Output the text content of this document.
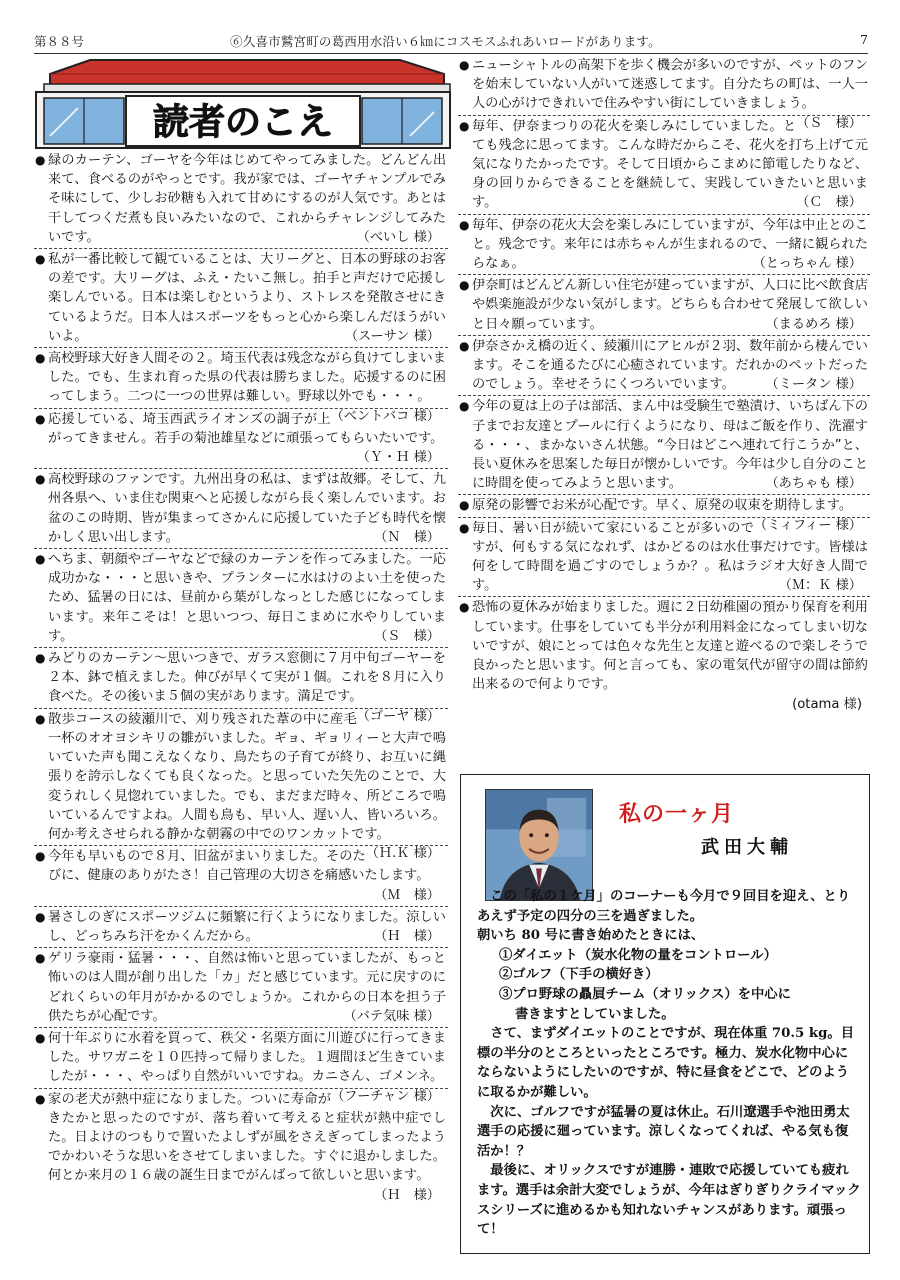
第８８号	⑥久喜市鷲宮町の葛西用水沿い６㎞にコスモスふれあいロードがあります。	7
読者のこえ
● 緑のカーテン、ゴーヤを今年はじめてやってみました。どんどん出来て、食べるのがやっとです。我が家では、ゴーヤチャンプルでみそ味にして、少しお砂糖も入れて甘めにするのが人気です。あとは干してつくだ煮も良いみたいなので、これからチャレンジしてみたいです。	（べいし 様）
● 私が一番比較して観ていることは、大リーグと、日本の野球のお客の差です。大リーグは、ふえ・たいこ無し。拍手と声だけで応援し楽しんでいる。日本は楽しむというより、ストレスを発散させにきているようだ。日本人はスポーツをもっと心から楽しんだほうがいいよ。	（スーサン 様）
● 高校野球大好き人間その２。埼玉代表は残念ながら負けてしまいました。でも、生まれ育った県の代表は勝ちました。応援するのに困ってしまう。二つに一つの世界は難しい。野球以外でも・・・。
（ベントバコ 様）
● 応援している、埼玉西武ライオンズの調子が上がってきません。若手の菊池雄星などに頑張ってもらいたいです。
（Ｙ・Ｈ 様）
● 高校野球のファンです。九州出身の私は、まずは故郷。そして、九州各県へ、いま住む関東へと応援しながら長く楽しんでいます。お盆のこの時期、皆が集まってさかんに応援していた子ども時代を懐かしく思い出します。	（Ｎ　様）
● へちま、朝顔やゴーヤなどで緑のカーテンを作ってみました。一応成功かな・・・と思いきや、プランターに水はけのよい土を使ったため、猛暑の日には、昼前から葉がしなっとした感じになってしまいます。来年こそは！と思いつつ、毎日こまめに水やりしています。	（Ｓ　様）
● みどりのカーテン～思いつきで、ガラス窓側に７月中旬ゴーヤーを２本、鉢で植えました。伸びが早くて実が１個。これを８月に入り食べた。その後いま５個の実があります。満足です。
（ゴーヤ 様）
● 散歩コースの綾瀬川で、刈り残された葦の中に産毛一杯のオオヨシキリの雛がいました。ギョ、ギョリィーと大声で鳴いていた声も聞こえなくなり、鳥たちの子育てが終り、お互いに縄張りを誇示しなくても良くなった。と思っていた矢先のことで、大変うれしく見惚れていました。でも、まだまだ時々、所どころで鳴いているんですよね。人間も鳥も、早い人、遅い人、皆いろいろ。何か考えさせられる静かな朝霧の中でのワンカットです。
（Ｈ.Ｋ 様）
● 今年も早いもので８月、旧盆がまいりました。そのたびに、健康のありがたさ！自己管理の大切さを痛感いたします。
（Ｍ　様）
● 暑さしのぎにスポーツジムに頻繁に行くようになりました。涼しいし、どっちみち汗をかくんだから。	（Ｈ　様）
● ゲリラ豪雨・猛暑・・・、自然は怖いと思っていましたが、もっと怖いのは人間が創り出した「カ」だと感じています。元に戻すのにどれくらいの年月がかかるのでしょうか。これからの日本を担う子供たちが心配です。	（バテ気味 様）
● 何十年ぶりに水着を買って、秩父・名栗方面に川遊びに行ってきました。サワガニを１０匹持って帰りました。１週間ほど生きていましたが・・・、やっぱり自然がいいですね。カニさん、ゴメンネ。
（フーチャン 様）
● 家の老犬が熱中症になりました。ついに寿命がきたかと思ったのですが、落ち着いて考えると症状が熱中症でした。日よけのつもりで置いたよしずが風をさえぎってしまったようでかわいそうな思いをさせてしまいました。すぐに退かしました。何とか来月の１６歳の誕生日までがんばって欲しいと思います。
（Ｈ　様）
● ニューシャトルの高架下を歩く機会が多いのですが、ペットのフンを始末していない人がいて迷惑してます。自分たちの町は、一人一人の心がけできれいで住みやすい街にしていきましょう。
（Ｓ　様）
● 毎年、伊奈まつりの花火を楽しみにしていました。とても残念に思ってます。こんな時だからこそ、花火を打ち上げて元気になりたかったです。そして日頃からこまめに節電したりなど、身の回りからできることを継続して、実践していきたいと思います。	（Ｃ　様）
● 毎年、伊奈の花火大会を楽しみにしていますが、今年は中止とのこと。残念です。来年には赤ちゃんが生まれるので、一緒に観られたらなぁ。	（とっちゃん 様）
● 伊奈町はどんどん新しい住宅が建っていますが、人口に比べ飲食店や娯楽施設が少ない気がします。どちらも合わせて発展して欲しいと日々願っています。	（まるめろ 様）
● 伊奈さかえ橋の近く、綾瀬川にアヒルが２羽、数年前から棲んでいます。そこを通るたびに心癒されています。だれかのペットだったのでしょう。幸せそうにくつろいでいます。 （ミータン 様）
● 今年の夏は上の子は部活、まん中は受験生で塾漬け、いちばん下の子までお友達とプールに行くようになり、母はご飯を作り、洗濯する・・・、まかないさん状態。“今日はどこへ連れて行こうか”と、長い夏休みを思案した毎日が懐かしいです。今年は少し自分のことに時間を使ってみようと思います。	（あちゃも 様）
● 原発の影響でお米が心配です。早く、原発の収束を期待します。
（ミィフィー 様）
● 毎日、暑い日が続いて家にいることが多いのですが、何もする気になれず、はかどるのは水仕事だけです。皆様は何をして時間を過ごすのでしょうか？。私はラジオ大好き人間です。	（Ｍ：Ｋ 様）
● 恐怖の夏休みが始まりました。週に２日幼稚園の預かり保育を利用しています。仕事をしていても半分が利用料金になってしまい切ないですが、娘にとっては色々な先生と友達と遊べるので楽しそうで良かったと思います。何と言っても、家の電気代が留守の間は節約出来るので何よりです。
(otama 様)
私の一ヶ月
武田大輔

　この「私の１ケ月」のコーナーも今月で９回目を迎え、とりあえず予定の四分の三を過ぎました。

朝いち 80 号に書き始めたときには、

①ダイエット（炭水化物の量をコントロール）

②ゴルフ（下手の横好き）

③プロ野球の贔屓チーム（オリックス）を中心に

書きますとしていました。

　さて、まずダイエットのことですが、現在体重 70.5 kg。目標の半分のところといったところです。極力、炭水化物中心にならないようにしたいのですが、特に昼食をどこで、どのように取るかが難しい。

　次に、ゴルフですが猛暑の夏は休止。石川遼選手や池田勇太選手の応援に廻っています。涼しくなってくれば、やる気も復活か！？

　最後に、オリックスですが連勝・連敗で応援していても疲れます。選手は余計大変でしょうが、今年はぎりぎりクライマックスシリーズに進めるかも知れないチャンスがあります。頑張って！
